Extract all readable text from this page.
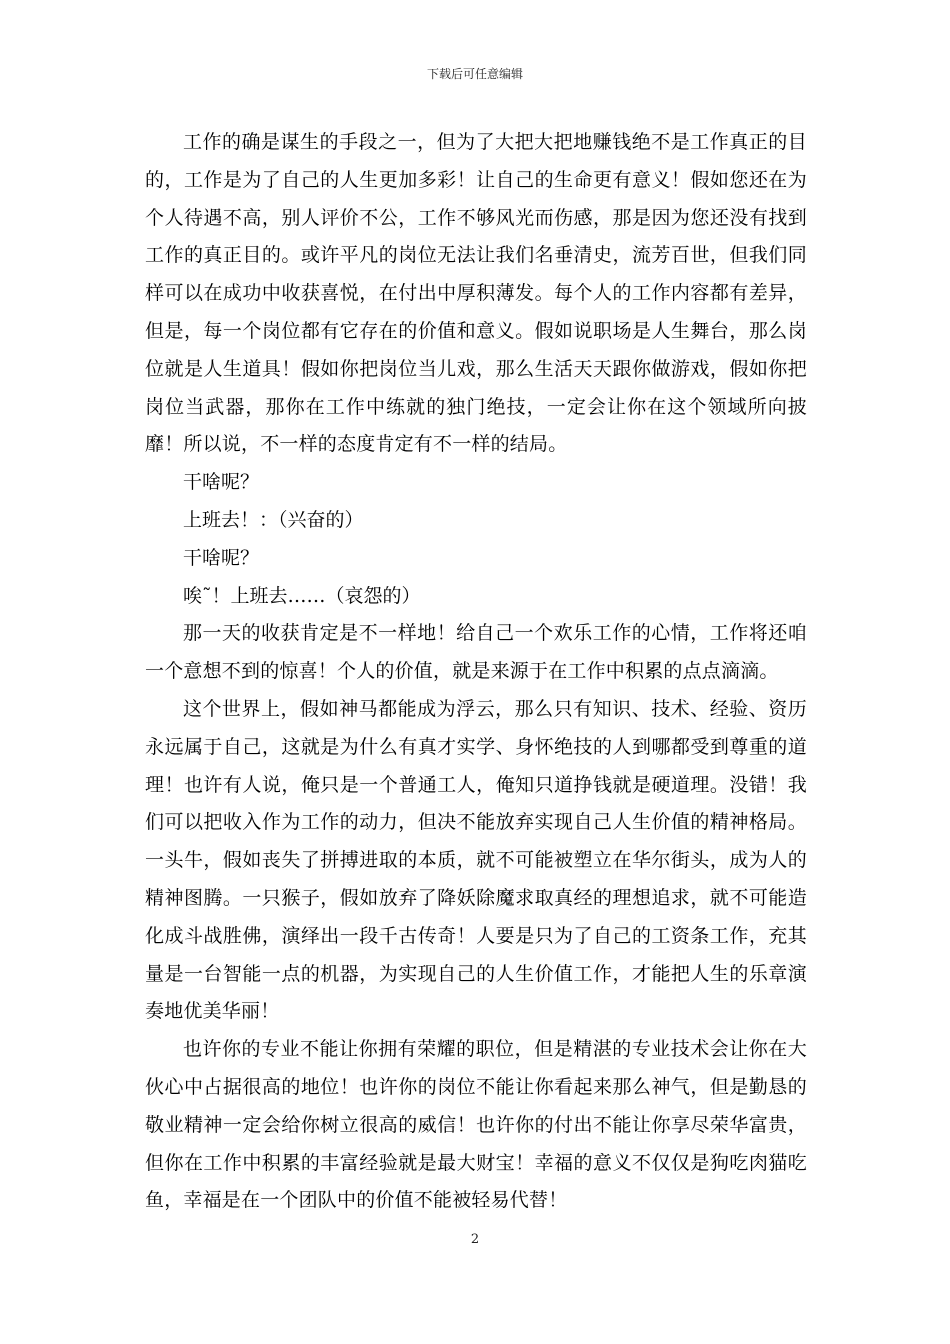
下载后可任意编辑

工作的确是谋生的手段之一，但为了大把大把地赚钱绝不是工作真正的目的，工作是为了自己的人生更加多彩！让自己的生命更有意义！假如您还在为个人待遇不高，别人评价不公，工作不够风光而伤感，那是因为您还没有找到工作的真正目的。或许平凡的岗位无法让我们名垂清史，流芳百世，但我们同样可以在成功中收获喜悦，在付出中厚积薄发。每个人的工作内容都有差异，但是，每一个岗位都有它存在的价值和意义。假如说职场是人生舞台，那么岗位就是人生道具！假如你把岗位当儿戏，那么生活天天跟你做游戏，假如你把岗位当武器，那你在工作中练就的独门绝技，一定会让你在这个领域所向披靡！所以说，不一样的态度肯定有不一样的结局。

干啥呢？

上班去！：（兴奋的）

干啥呢？

唉˜！上班去……（哀怨的）

那一天的收获肯定是不一样地！给自己一个欢乐工作的心情，工作将还咱一个意想不到的惊喜！个人的价值，就是来源于在工作中积累的点点滴滴。

这个世界上，假如神马都能成为浮云，那么只有知识、技术、经验、资历永远属于自己，这就是为什么有真才实学、身怀绝技的人到哪都受到尊重的道理！也许有人说，俺只是一个普通工人，俺知只道挣钱就是硬道理。没错！我们可以把收入作为工作的动力，但决不能放弃实现自己人生价值的精神格局。一头牛，假如丧失了拼搏进取的本质，就不可能被塑立在华尔街头，成为人的精神图腾。一只猴子，假如放弃了降妖除魔求取真经的理想追求，就不可能造化成斗战胜佛，演绎出一段千古传奇！人要是只为了自己的工资条工作，充其量是一台智能一点的机器，为实现自己的人生价值工作，才能把人生的乐章演奏地优美华丽！

也许你的专业不能让你拥有荣耀的职位，但是精湛的专业技术会让你在大伙心中占据很高的地位！也许你的岗位不能让你看起来那么神气，但是勤恳的敬业精神一定会给你树立很高的威信！也许你的付出不能让你享尽荣华富贵，但你在工作中积累的丰富经验就是最大财宝！幸福的意义不仅仅是狗吃肉猫吃鱼，幸福是在一个团队中的价值不能被轻易代替！

2
